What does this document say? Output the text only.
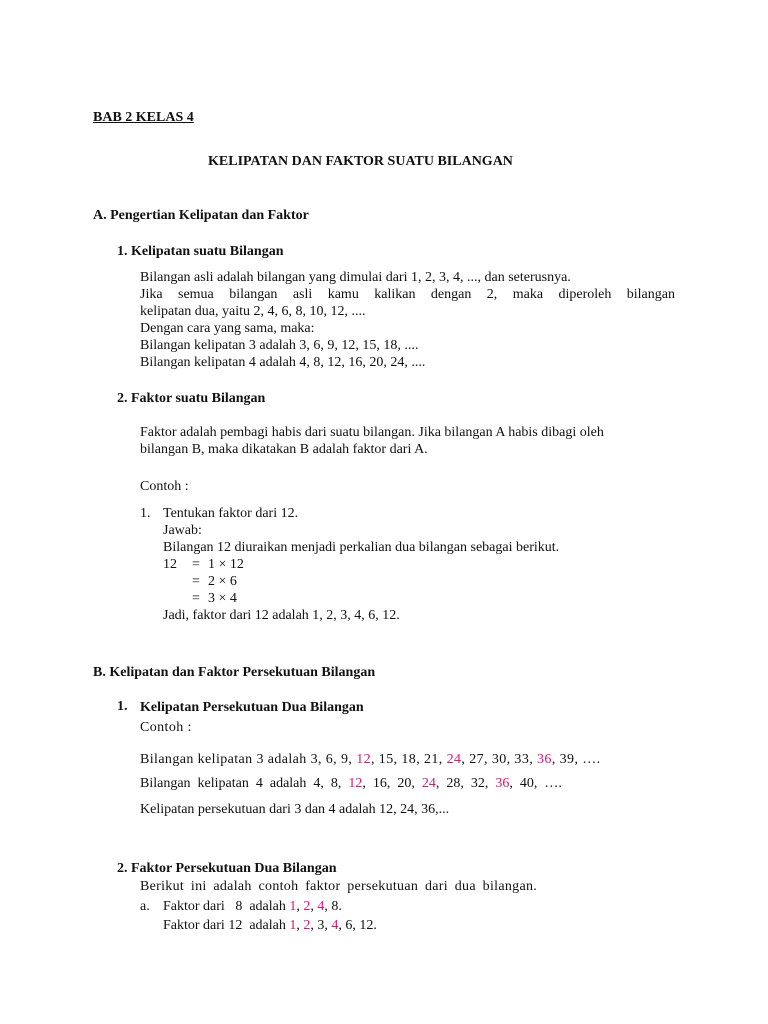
BAB 2 KELAS 4
KELIPATAN DAN FAKTOR SUATU BILANGAN
A. Pengertian Kelipatan dan Faktor
1. Kelipatan suatu Bilangan
Bilangan asli adalah bilangan yang dimulai dari 1, 2, 3, 4, ..., dan seterusnya.
Jika semua bilangan asli kamu kalikan dengan 2, maka diperoleh bilangan
kelipatan dua, yaitu 2, 4, 6, 8, 10, 12, ....
Dengan cara yang sama, maka:
Bilangan kelipatan 3 adalah 3, 6, 9, 12, 15, 18, ....
Bilangan kelipatan 4 adalah 4, 8, 12, 16, 20, 24, ....
2. Faktor suatu Bilangan
Faktor adalah pembagi habis dari suatu bilangan. Jika bilangan A habis dibagi oleh
bilangan B, maka dikatakan B adalah faktor dari A.
Contoh :
1. Tentukan faktor dari 12.
Jawab:
Bilangan 12 diuraikan menjadi perkalian dua bilangan sebagai berikut.
12 = 1 × 12
= 2 × 6
= 3 × 4
Jadi, faktor dari 12 adalah 1, 2, 3, 4, 6, 12.
B. Kelipatan dan Faktor Persekutuan Bilangan
1. Kelipatan Persekutuan Dua Bilangan
Contoh :
Bilangan kelipatan 3 adalah 3, 6, 9, 12, 15, 18, 21, 24, 27, 30, 33, 36, 39, ….
Bilangan  kelipatan  4  adalah  4,  8,  12,  16,  20,  24,  28,  32,  36,  40,  ….
Kelipatan persekutuan dari 3 dan 4 adalah 12, 24, 36,...
2. Faktor Persekutuan Dua Bilangan
Berikut ini adalah contoh faktor persekutuan dari dua bilangan.
a. Faktor dari   8  adalah 1, 2, 4, 8.
Faktor dari 12  adalah 1, 2, 3, 4, 6, 12.
